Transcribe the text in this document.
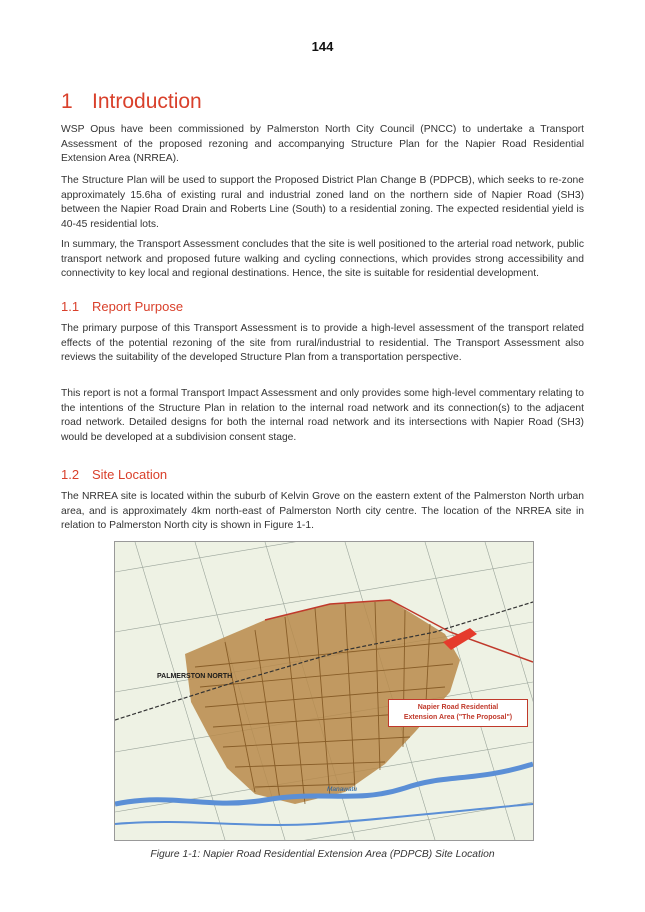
144
1 Introduction

WSP Opus have been commissioned by Palmerston North City Council (PNCC) to undertake a Transport Assessment of the proposed rezoning and accompanying Structure Plan for the Napier Road Residential Extension Area (NRREA).

The Structure Plan will be used to support the Proposed District Plan Change B (PDPCB), which seeks to re-zone approximately 15.6ha of existing rural and industrial zoned land on the northern side of Napier Road (SH3) between the Napier Road Drain and Roberts Line (South) to a residential zoning. The expected residential yield is 40-45 residential lots.

In summary, the Transport Assessment concludes that the site is well positioned to the arterial road network, public transport network and proposed future walking and cycling connections, which provides strong accessibility and connectivity to key local and regional destinations. Hence, the site is suitable for residential development.

1.1 Report Purpose

The primary purpose of this Transport Assessment is to provide a high-level assessment of the transport related effects of the potential rezoning of the site from rural/industrial to residential. The Transport Assessment also reviews the suitability of the developed Structure Plan from a transportation perspective.

This report is not a formal Transport Impact Assessment and only provides some high-level commentary relating to the intentions of the Structure Plan in relation to the internal road network and its connection(s) to the adjacent road network. Detailed designs for both the internal road network and its intersections with Napier Road (SH3) would be developed at a subdivision consent stage.

1.2 Site Location

The NRREA site is located within the suburb of Kelvin Grove on the eastern extent of the Palmerston North urban area, and is approximately 4km north-east of Palmerston North city centre. The location of the NRREA site in relation to Palmerston North city is shown in Figure 1-1.

PALMERSTON NORTH
Manawatu
Napier Road Residential
Extension Area ("The Proposal")
Figure 1-1: Napier Road Residential Extension Area (PDPCB) Site Location
